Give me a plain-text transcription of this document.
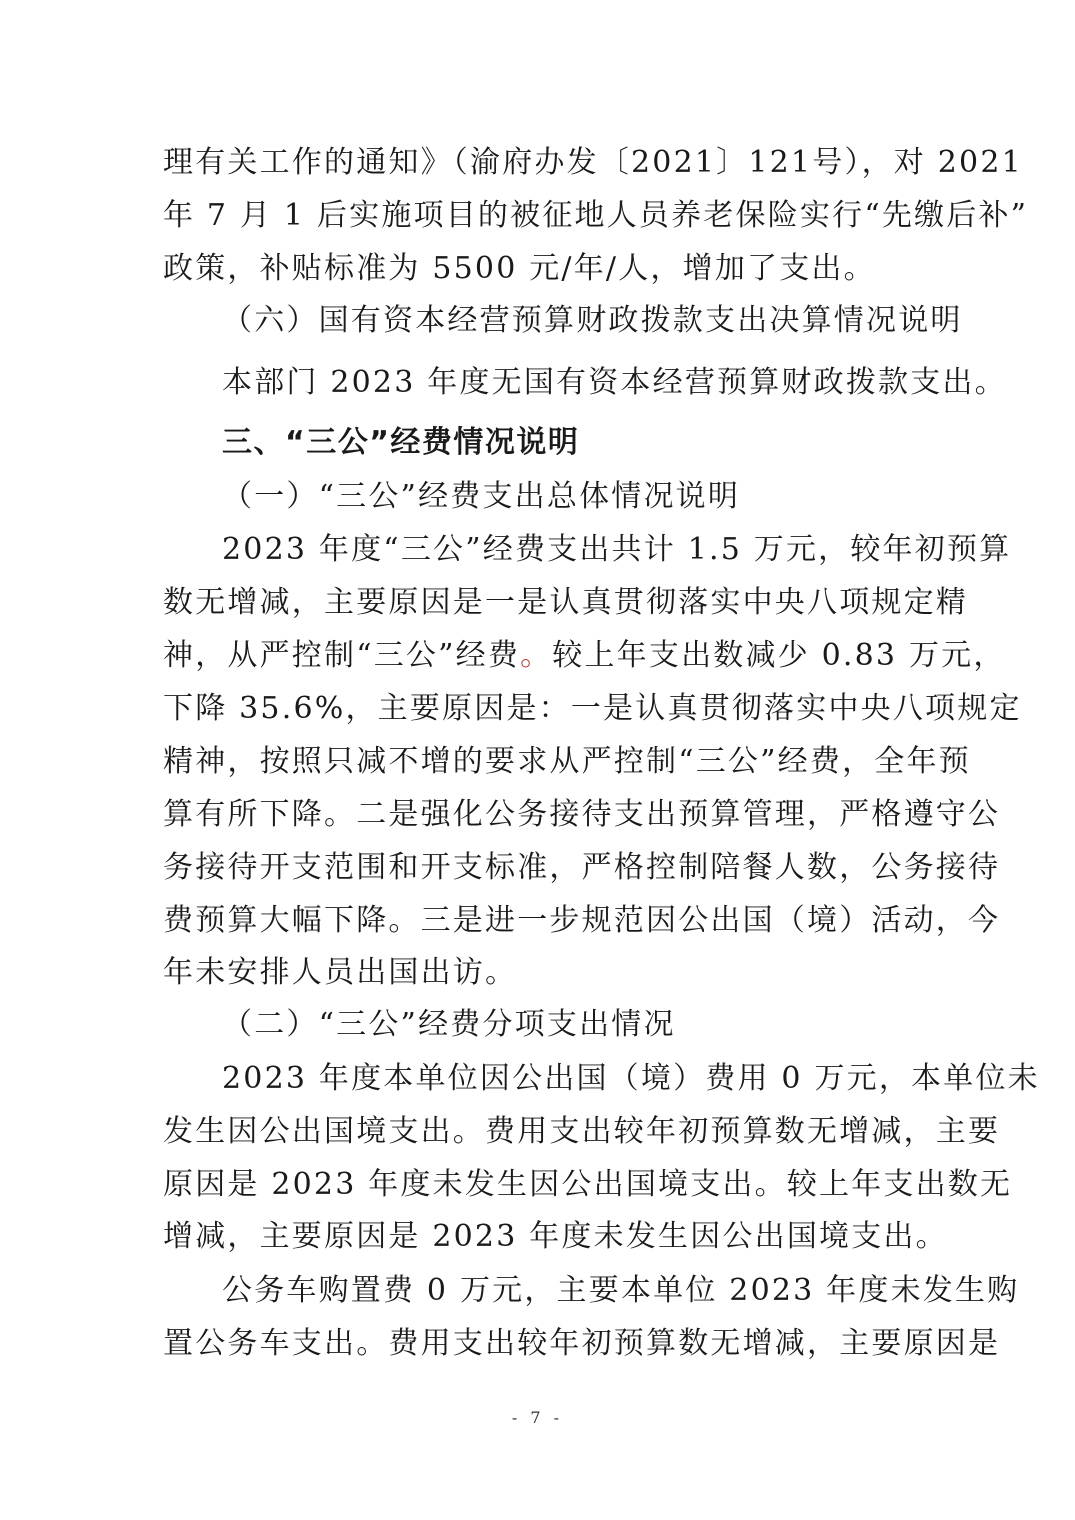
理有关工作的通知》（渝府办发〔2021〕121号），对 2021
年 7 月 1 后实施项目的被征地人员养老保险实行“先缴后补”
政策，补贴标准为 5500 元/年/人，增加了支出。
（六）国有资本经营预算财政拨款支出决算情况说明
本部门 2023 年度无国有资本经营预算财政拨款支出。
三、“三公”经费情况说明
（一）“三公”经费支出总体情况说明
2023 年度“三公”经费支出共计 1.5 万元，较年初预算
数无增减，主要原因是一是认真贯彻落实中央八项规定精
神，从严控制“三公”经费。较上年支出数减少 0.83 万元，
下降 35.6%，主要原因是：一是认真贯彻落实中央八项规定
精神，按照只减不增的要求从严控制“三公”经费，全年预
算有所下降。二是强化公务接待支出预算管理，严格遵守公
务接待开支范围和开支标准，严格控制陪餐人数，公务接待
费预算大幅下降。三是进一步规范因公出国（境）活动，今
年未安排人员出国出访。
（二）“三公”经费分项支出情况
2023 年度本单位因公出国（境）费用 0 万元，本单位未
发生因公出国境支出。费用支出较年初预算数无增减，主要
原因是 2023 年度未发生因公出国境支出。较上年支出数无
增减，主要原因是 2023 年度未发生因公出国境支出。
公务车购置费 0 万元，主要本单位 2023 年度未发生购
置公务车支出。费用支出较年初预算数无增减，主要原因是
- 7 -
